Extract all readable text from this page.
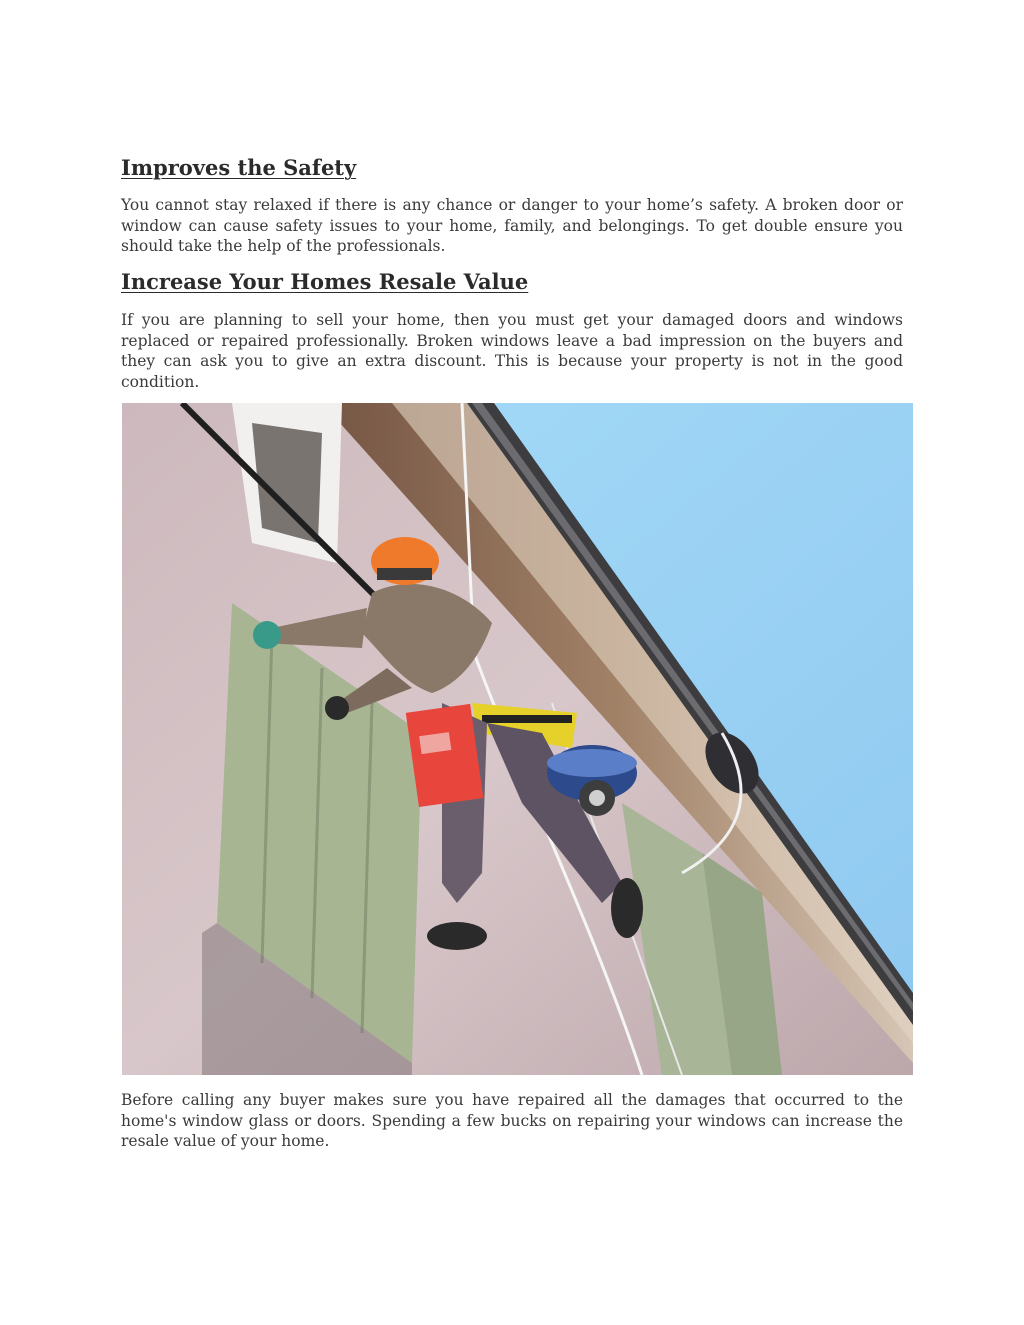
Improves the Safety

You cannot stay relaxed if there is any chance or danger to your home’s safety. A broken door or window can cause safety issues to your home, family, and belongings. To get double ensure you should take the help of the professionals.

Increase Your Homes Resale Value

If you are planning to sell your home, then you must get your damaged doors and windows replaced or repaired professionally. Broken windows leave a bad impression on the buyers and they can ask you to give an extra discount. This is because your property is not in the good condition.

Before calling any buyer makes sure you have repaired all the damages that occurred to the home's window glass or doors. Spending a few bucks on repairing your windows can increase the resale value of your home.
